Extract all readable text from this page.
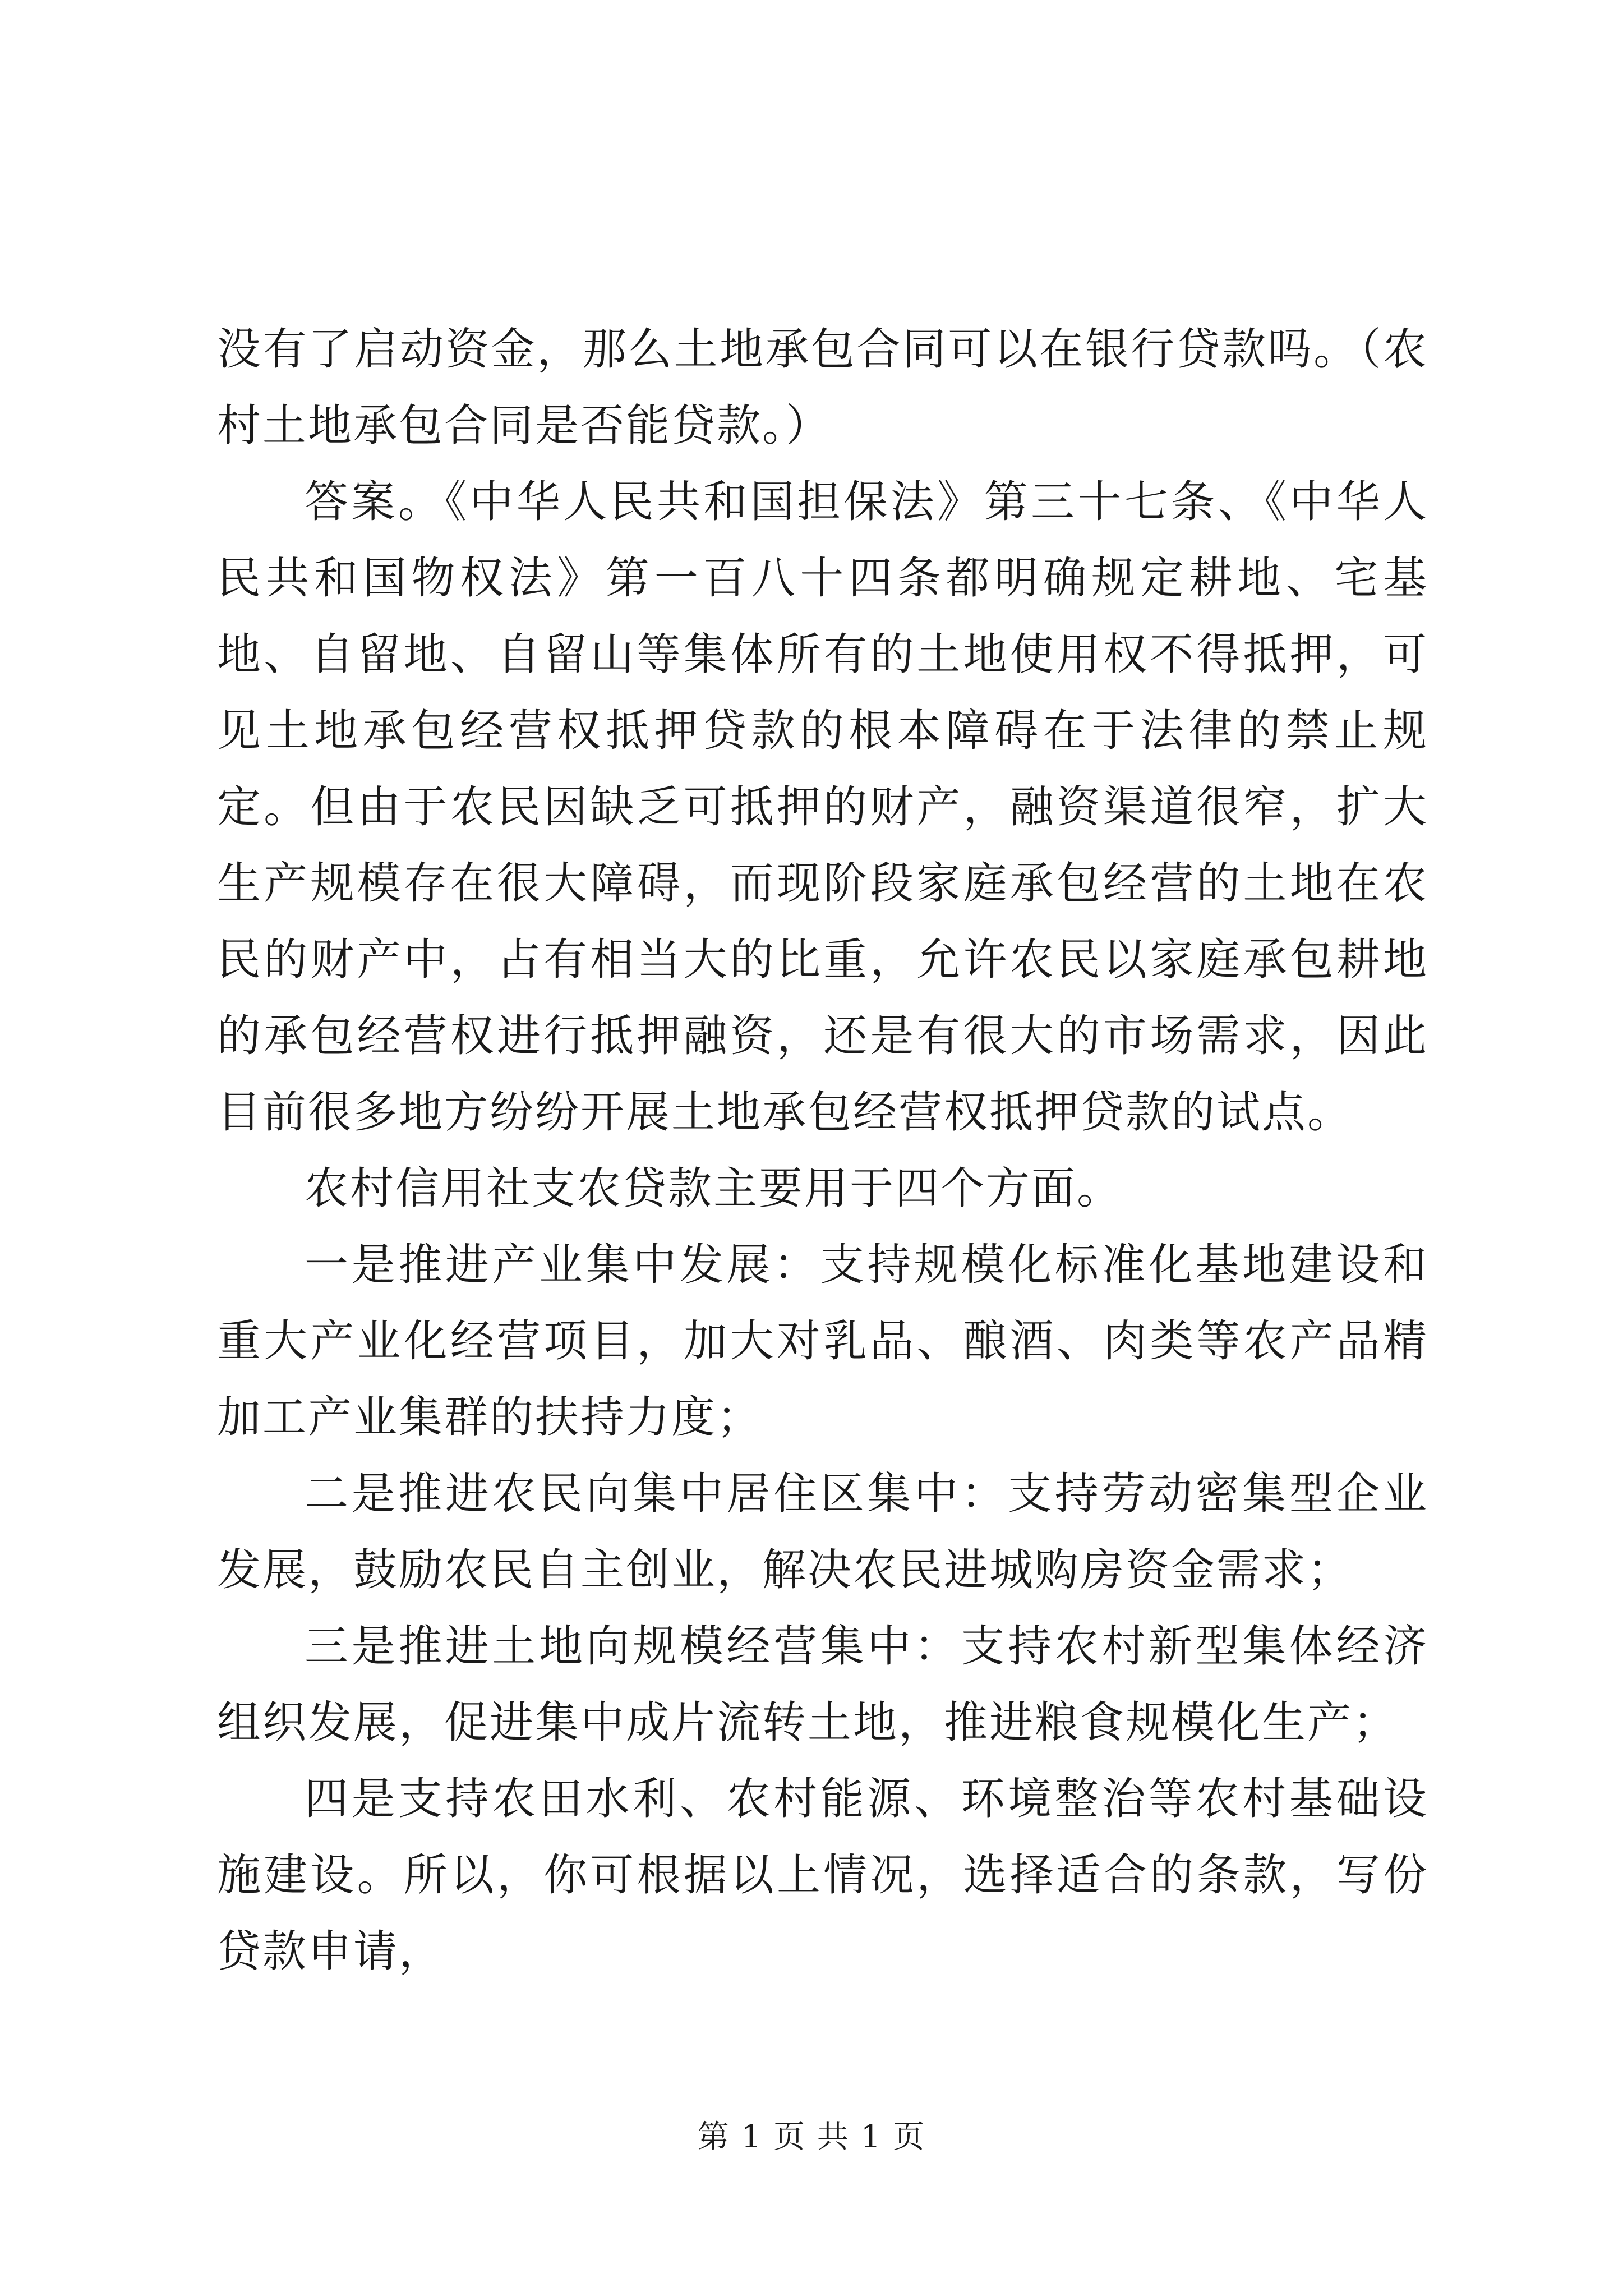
没有了启动资金，那么土地承包合同可以在银行贷款吗。（农村土地承包合同是否能贷款。）

答案。《中华人民共和国担保法》第三十七条、《中华人民共和国物权法》第一百八十四条都明确规定耕地、宅基地、自留地、自留山等集体所有的土地使用权不得抵押，可见土地承包经营权抵押贷款的根本障碍在于法律的禁止规定。但由于农民因缺乏可抵押的财产，融资渠道很窄，扩大生产规模存在很大障碍，而现阶段家庭承包经营的土地在农民的财产中，占有相当大的比重，允许农民以家庭承包耕地的承包经营权进行抵押融资，还是有很大的市场需求，因此目前很多地方纷纷开展土地承包经营权抵押贷款的试点。

农村信用社支农贷款主要用于四个方面。

一是推进产业集中发展：支持规模化标准化基地建设和重大产业化经营项目，加大对乳品、酿酒、肉类等农产品精加工产业集群的扶持力度；

二是推进农民向集中居住区集中：支持劳动密集型企业发展，鼓励农民自主创业，解决农民进城购房资金需求；

三是推进土地向规模经营集中：支持农村新型集体经济组织发展，促进集中成片流转土地，推进粮食规模化生产；

四是支持农田水利、农村能源、环境整治等农村基础设施建设。所以，你可根据以上情况，选择适合的条款，写份贷款申请，

第 1 页 共 1 页
